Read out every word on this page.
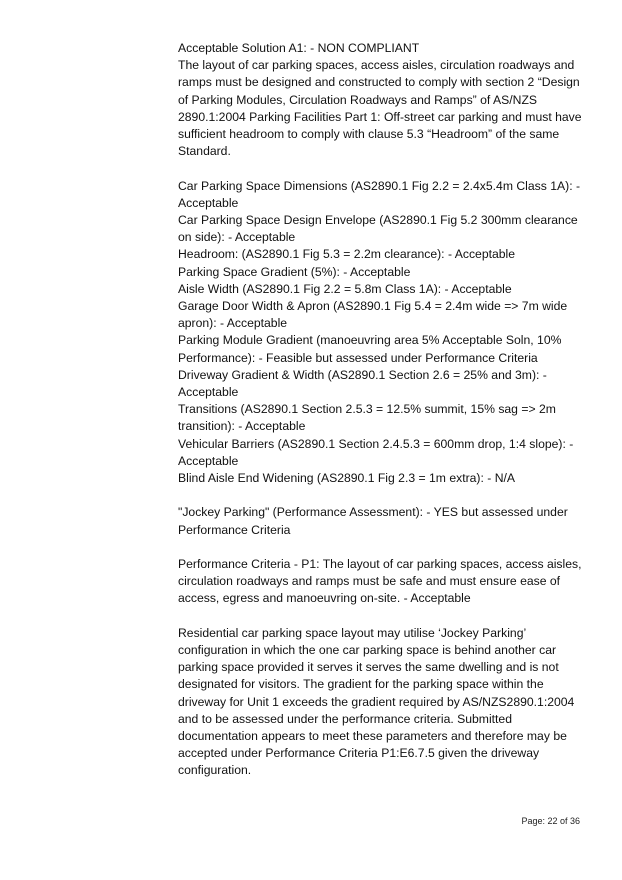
Acceptable Solution A1: - NON COMPLIANT

The layout of car parking spaces, access aisles, circulation roadways and ramps must be designed and constructed to comply with section 2 “Design of Parking Modules, Circulation Roadways and Ramps” of AS/NZS 2890.1:2004 Parking Facilities Part 1: Off-street car parking and must have sufficient headroom to comply with clause 5.3 “Headroom” of the same Standard.

Car Parking Space Dimensions (AS2890.1 Fig 2.2 = 2.4x5.4m Class 1A): - Acceptable
Car Parking Space Design Envelope (AS2890.1 Fig 5.2 300mm clearance on side): - Acceptable
Headroom: (AS2890.1 Fig 5.3 = 2.2m clearance): - Acceptable
Parking Space Gradient (5%): - Acceptable
Aisle Width (AS2890.1 Fig 2.2 = 5.8m Class 1A): - Acceptable
Garage Door Width & Apron (AS2890.1 Fig 5.4 = 2.4m wide => 7m wide apron): - Acceptable
Parking Module Gradient (manoeuvring area 5% Acceptable Soln, 10% Performance): - Feasible but assessed under Performance Criteria
Driveway Gradient & Width (AS2890.1 Section 2.6 = 25% and 3m): - Acceptable
Transitions (AS2890.1 Section 2.5.3 = 12.5% summit, 15% sag => 2m transition): - Acceptable
Vehicular Barriers (AS2890.1 Section 2.4.5.3 = 600mm drop, 1:4 slope): - Acceptable
Blind Aisle End Widening (AS2890.1 Fig 2.3 = 1m extra): - N/A

"Jockey Parking" (Performance Assessment): - YES but assessed under Performance Criteria

Performance Criteria - P1: The layout of car parking spaces, access aisles, circulation roadways and ramps must be safe and must ensure ease of access, egress and manoeuvring on-site. - Acceptable

Residential car parking space layout may utilise ‘Jockey Parking’ configuration in which the one car parking space is behind another car parking space provided it serves it serves the same dwelling and is not designated for visitors. The gradient for the parking space within the driveway for Unit 1 exceeds the gradient required by AS/NZS2890.1:2004 and to be assessed under the performance criteria. Submitted documentation appears to meet these parameters and therefore may be accepted under Performance Criteria P1:E6.7.5 given the driveway configuration.

Page: 22 of 36
